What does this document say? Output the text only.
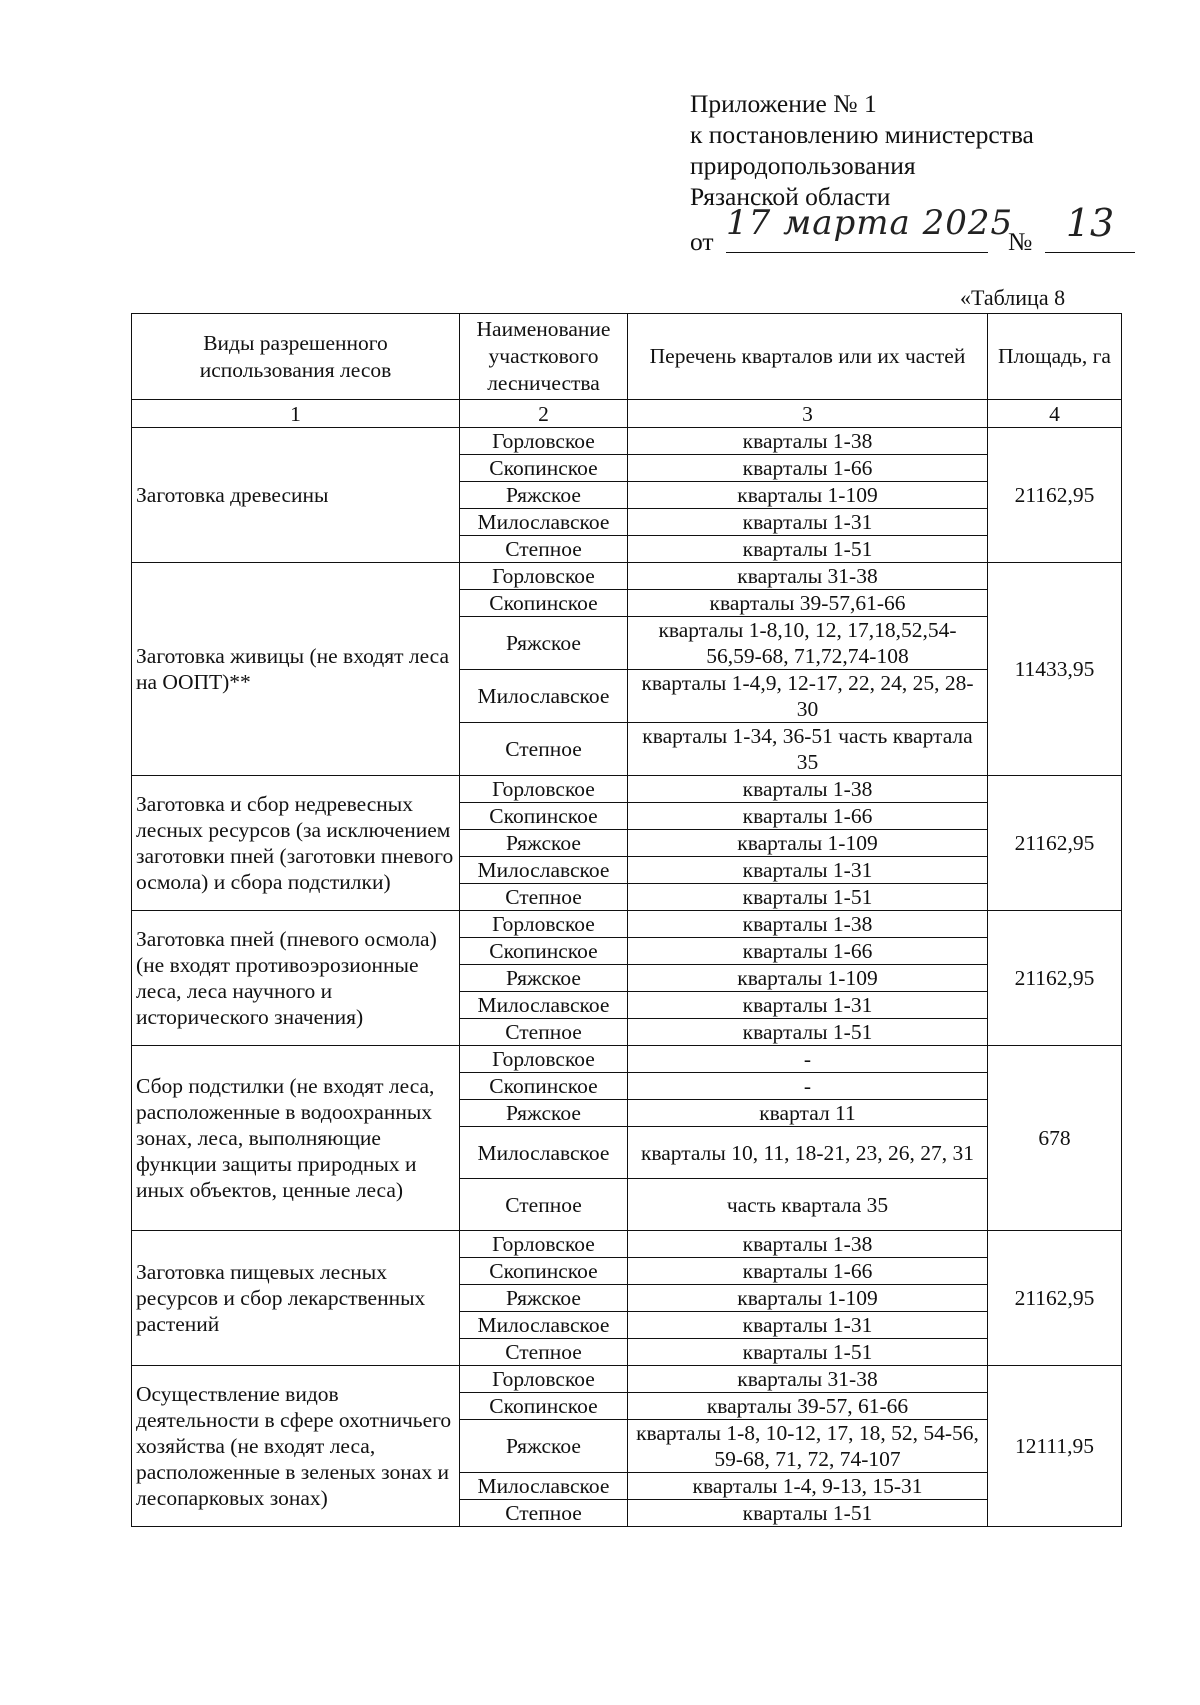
Приложение № 1
к постановлению министерства
природопользования
Рязанской области
от 17 марта 2025
№ 13
«Таблица 8
Виды разрешенного использования лесов	Наименование участкового лесничества	Перечень кварталов или их частей	Площадь, га
1	2	3	4
Заготовка древесины	Горловское	кварталы 1-38	21162,95
	Скопинское	кварталы 1-66	
	Ряжское	кварталы 1-109	
	Милославское	кварталы 1-31	
	Степное	кварталы 1-51	
Заготовка живицы (не входят леса на ООПТ)**	Горловское	кварталы 31-38	11433,95
	Скопинское	кварталы 39-57,61-66	
	Ряжское	кварталы 1-8,10, 12, 17,18,52,54-56,59-68, 71,72,74-108	
	Милославское	кварталы 1-4,9, 12-17, 22, 24, 25, 28-30	
	Степное	кварталы 1-34, 36-51 часть квартала 35	
Заготовка и сбор недревесных лесных ресурсов (за исключением заготовки пней (заготовки пневого осмола) и сбора подстилки)	Горловское	кварталы 1-38	21162,95
	Скопинское	кварталы 1-66	
	Ряжское	кварталы 1-109	
	Милославское	кварталы 1-31	
	Степное	кварталы 1-51	
Заготовка пней (пневого осмола) (не входят противоэрозионные леса, леса научного и исторического значения)	Горловское	кварталы 1-38	21162,95
	Скопинское	кварталы 1-66	
	Ряжское	кварталы 1-109	
	Милославское	кварталы 1-31	
	Степное	кварталы 1-51	
Сбор подстилки (не входят леса, расположенные в водоохранных зонах, леса, выполняющие функции защиты природных и иных объектов, ценные леса)	Горловское	-	678
	Скопинское	-	
	Ряжское	квартал 11	
	Милославское	кварталы 10, 11, 18-21, 23, 26, 27, 31	
	Степное	часть квартала 35	
Заготовка пищевых лесных ресурсов и сбор лекарственных растений	Горловское	кварталы 1-38	21162,95
	Скопинское	кварталы 1-66	
	Ряжское	кварталы 1-109	
	Милославское	кварталы 1-31	
	Степное	кварталы 1-51	
Осуществление видов деятельности в сфере охотничьего хозяйства (не входят леса, расположенные в зеленых зонах и лесопарковых зонах)	Горловское	кварталы 31-38	12111,95
	Скопинское	кварталы 39-57, 61-66	
	Ряжское	кварталы 1-8, 10-12, 17, 18, 52, 54-56, 59-68, 71, 72, 74-107	
	Милославское	кварталы 1-4, 9-13, 15-31	
	Степное	кварталы 1-51	
